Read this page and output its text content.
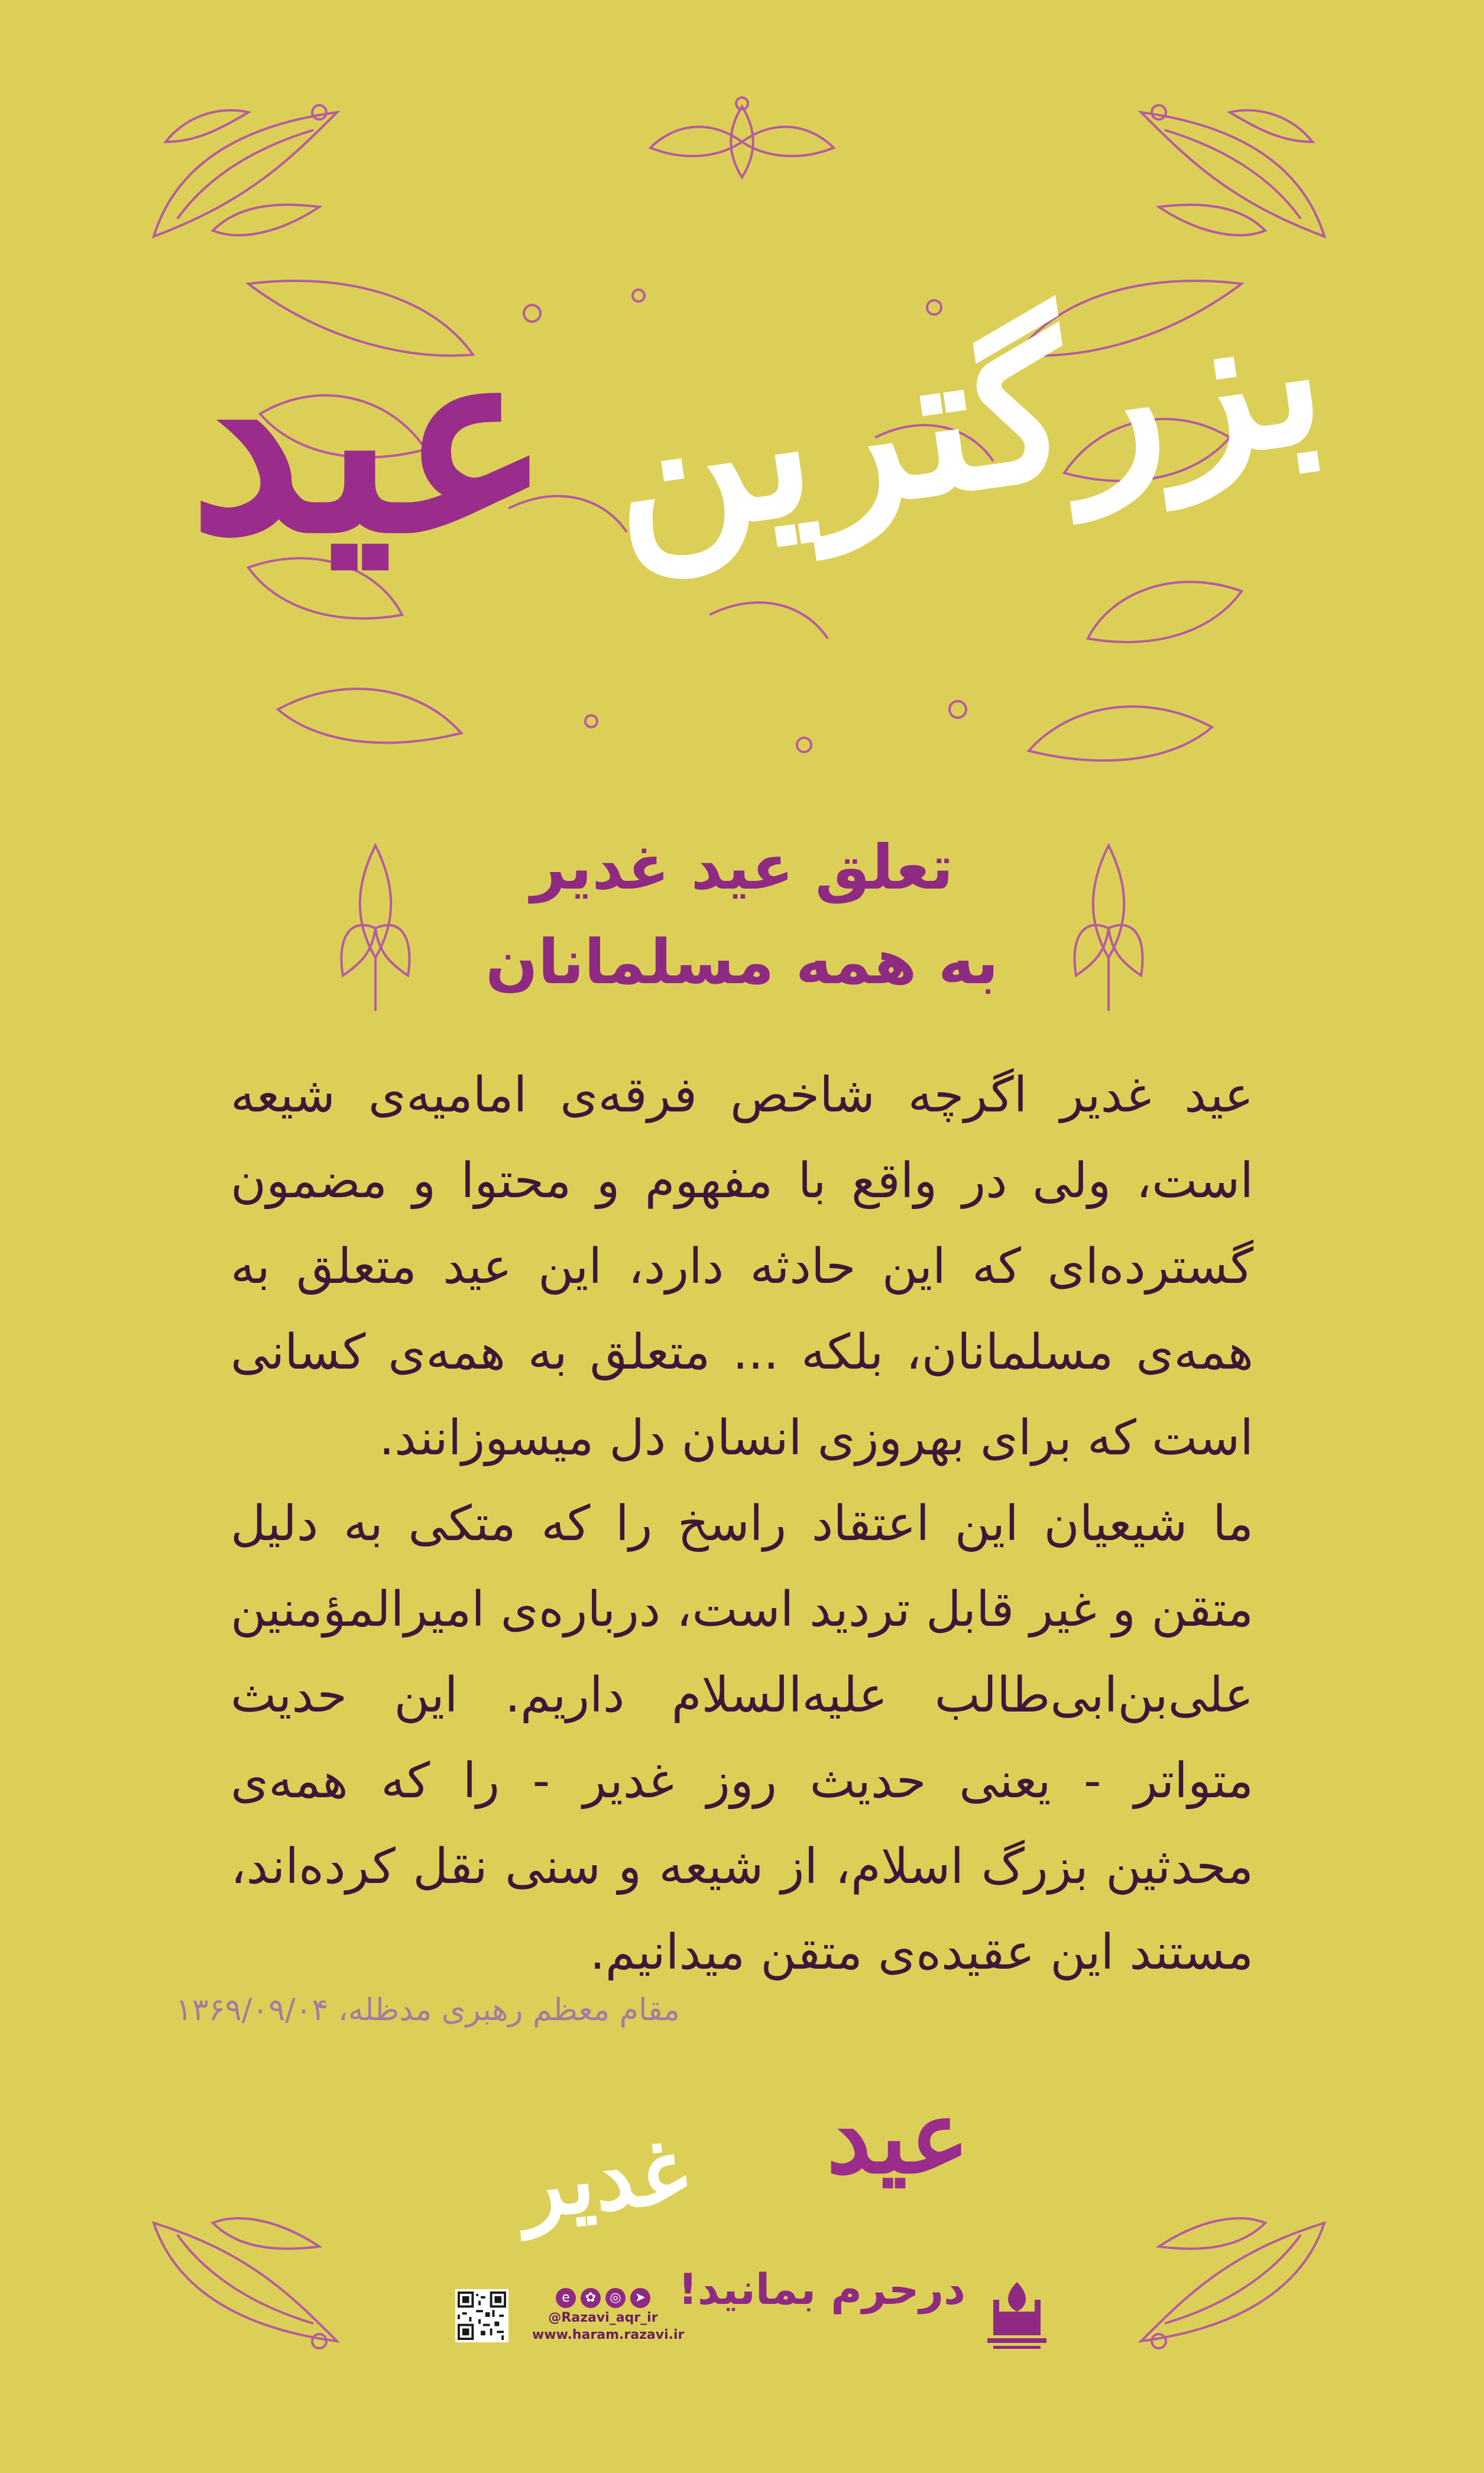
بزرگترین
عید
تعلق عید غدیر
به همه مسلمانان

عید غدیر اگرچه شاخص فرقه‌ی امامیه‌ی شیعه است، ولی در واقع با مفهوم و محتوا و مضمون گسترده‌ای که این حادثه دارد، این عید متعلق به همه‌ی مسلمانان، بلکه ... متعلق به همه‌ی کسانی است که برای بهروزی انسان دل میسوزانند.

ما شیعیان این اعتقاد راسخ را که متکی به دلیل متقن و غیر قابل تردید است، درباره‌ی امیرالمؤمنین علی‌بن‌ابی‌طالب علیه‌السلام داریم. این حدیث متواتر - یعنی حدیث روز غدیر - را که همه‌ی محدثین بزرگ اسلام، از شیعه و سنی نقل کرده‌اند، مستند این عقیده‌ی متقن میدانیم.

مقام معظم رهبری مدظله، ۱۳۶۹/۰۹/۰۴
غدیر عید
درحرم بمانید!
➤
◎
✿
e
@Razavi_aqr_ir
www.haram.razavi.ir
